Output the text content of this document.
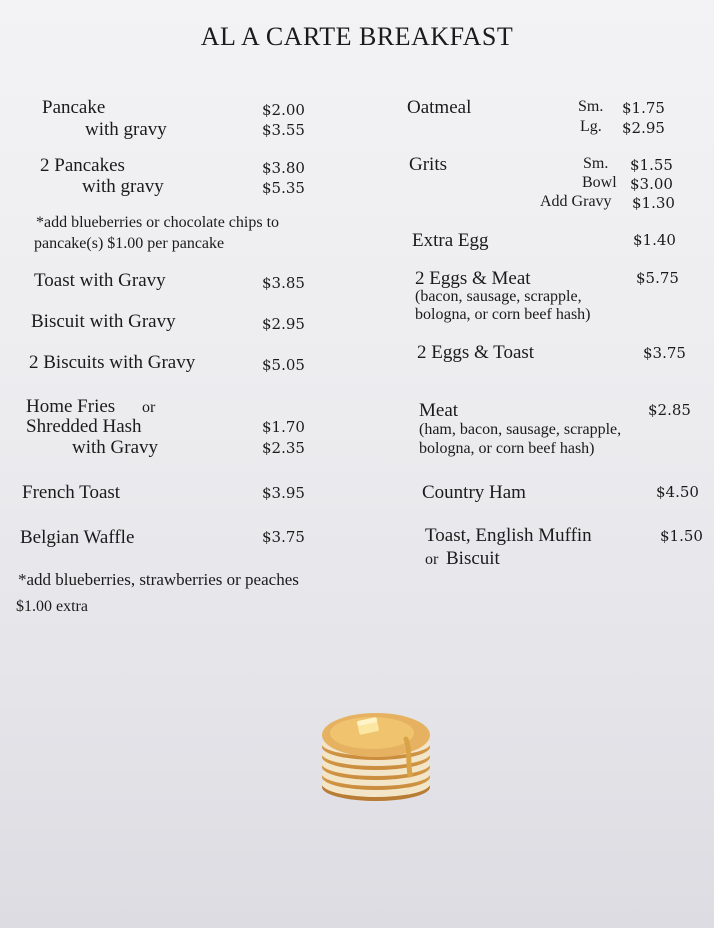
AL A CARTE BREAKFAST
Pancake	$2.00
with gravy	$3.55
2 Pancakes	$3.80
with gravy	$5.35
*add blueberries or chocolate chips to
pancake(s) $1.00 per pancake
Toast with Gravy	$3.85
Biscuit with Gravy	$2.95
2 Biscuits with Gravy	$5.05
Home Fries or
Shredded Hash	$1.70
with Gravy	$2.35
French Toast	$3.95
Belgian Waffle	$3.75
*add blueberries, strawberries or peaches
$1.00 extra
Oatmeal	Sm. $1.75
Lg. $2.95
Grits	Sm. $1.55
Bowl $3.00
Add Gravy $1.30
Extra Egg	$1.40
2 Eggs & Meat	$5.75
(bacon, sausage, scrapple,
bologna, or corn beef hash)
2 Eggs & Toast	$3.75
Meat	$2.85
(ham, bacon, sausage, scrapple,
bologna, or corn beef hash)
Country Ham	$4.50
Toast, English Muffin	$1.50
or Biscuit
